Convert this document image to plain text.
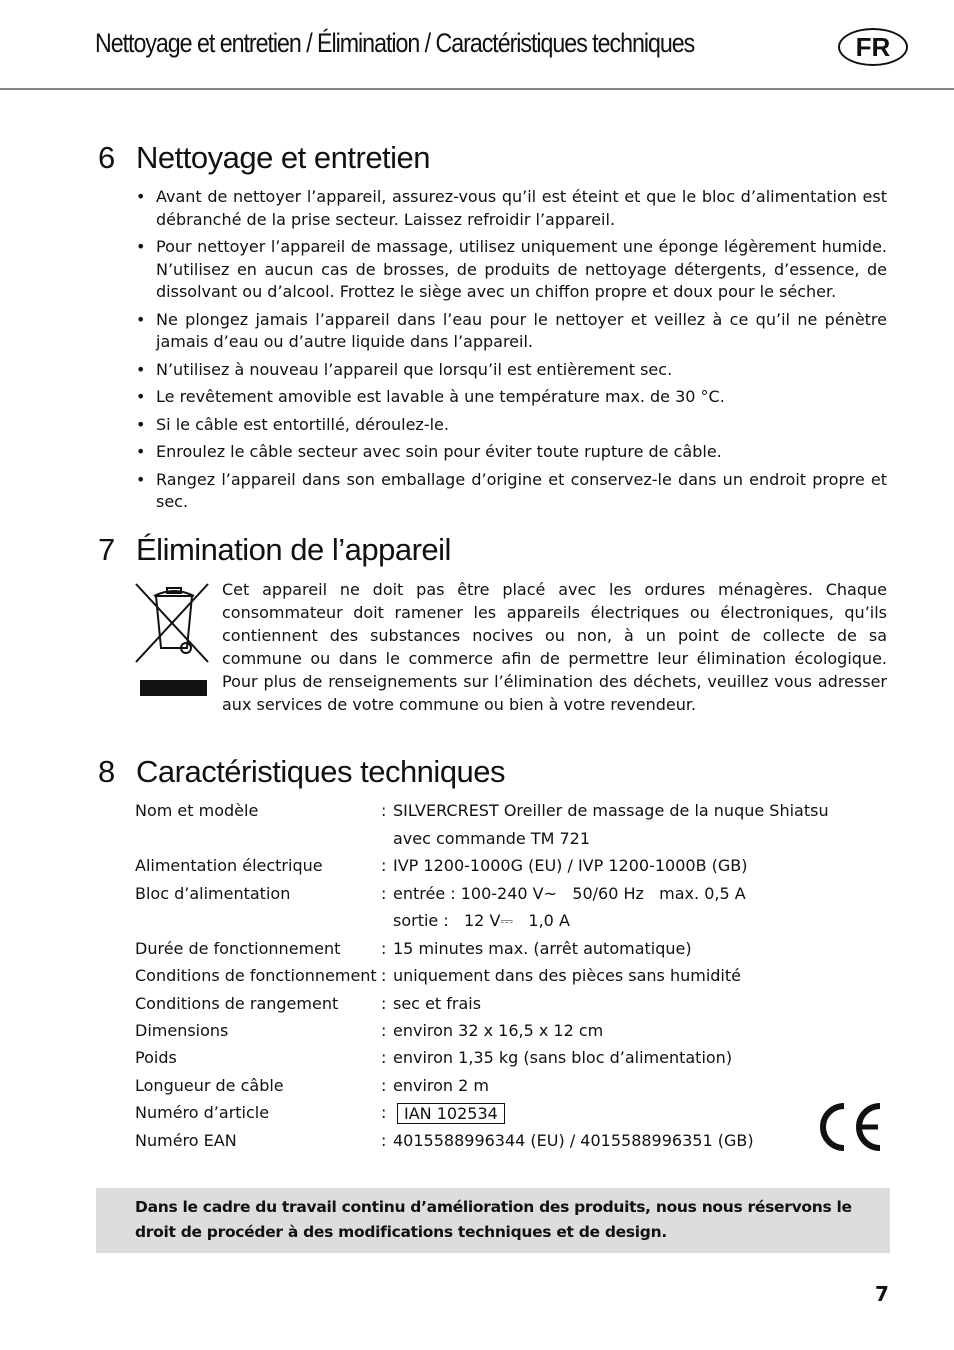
Nettoyage et entretien / Élimination / Caractéristiques techniques	FR
6 Nettoyage et entretien
• Avant de nettoyer l’appareil, assurez-vous qu’il est éteint et que le bloc d’alimentation est débranché de la prise secteur. Laissez refroidir l’appareil.
• Pour nettoyer l’appareil de massage, utilisez uniquement une éponge légèrement humide. N’utilisez en aucun cas de brosses, de produits de nettoyage détergents, d’essence, de dissolvant ou d’alcool. Frottez le siège avec un chiffon propre et doux pour le sécher.
• Ne plongez jamais l’appareil dans l’eau pour le nettoyer et veillez à ce qu’il ne pénètre jamais d’eau ou d’autre liquide dans l’appareil.
• N’utilisez à nouveau l’appareil que lorsqu’il est entièrement sec.
• Le revêtement amovible est lavable à une température max. de 30 °C.
• Si le câble est entortillé, déroulez-le.
• Enroulez le câble secteur avec soin pour éviter toute rupture de câble.
• Rangez l’appareil dans son emballage d’origine et conservez-le dans un endroit propre et sec.
7 Élimination de l’appareil
Cet appareil ne doit pas être placé avec les ordures ménagères. Chaque consommateur doit ramener les appareils électriques ou électroniques, qu’ils contiennent des substances nocives ou non, à un point de collecte de sa commune ou dans le commerce afin de permettre leur élimination écologique. Pour plus de renseignements sur l’élimination des déchets, veuillez vous adresser aux services de votre commune ou bien à votre revendeur.
8 Caractéristiques techniques
Nom et modèle	: SILVERCREST Oreiller de massage de la nuque Shiatsu
avec commande TM 721
Alimentation électrique	: IVP 1200-1000G (EU) / IVP 1200-1000B (GB)
Bloc d’alimentation	: entrée : 100-240 V~   50/60 Hz   max. 0,5 A
sortie :   12 V⎓   1,0 A
Durée de fonctionnement	: 15 minutes max. (arrêt automatique)
Conditions de fonctionnement : uniquement dans des pièces sans humidité
Conditions de rangement	: sec et frais
Dimensions	: environ 32 x 16,5 x 12 cm
Poids	: environ 1,35 kg (sans bloc d’alimentation)
Longueur de câble	: environ 2 m
Numéro d’article	:	IAN 102534
Numéro EAN	: 4015588996344 (EU) / 4015588996351 (GB)
Dans le cadre du travail continu d’amélioration des produits, nous nous réservons le droit de procéder à des modifications techniques et de design.
7
